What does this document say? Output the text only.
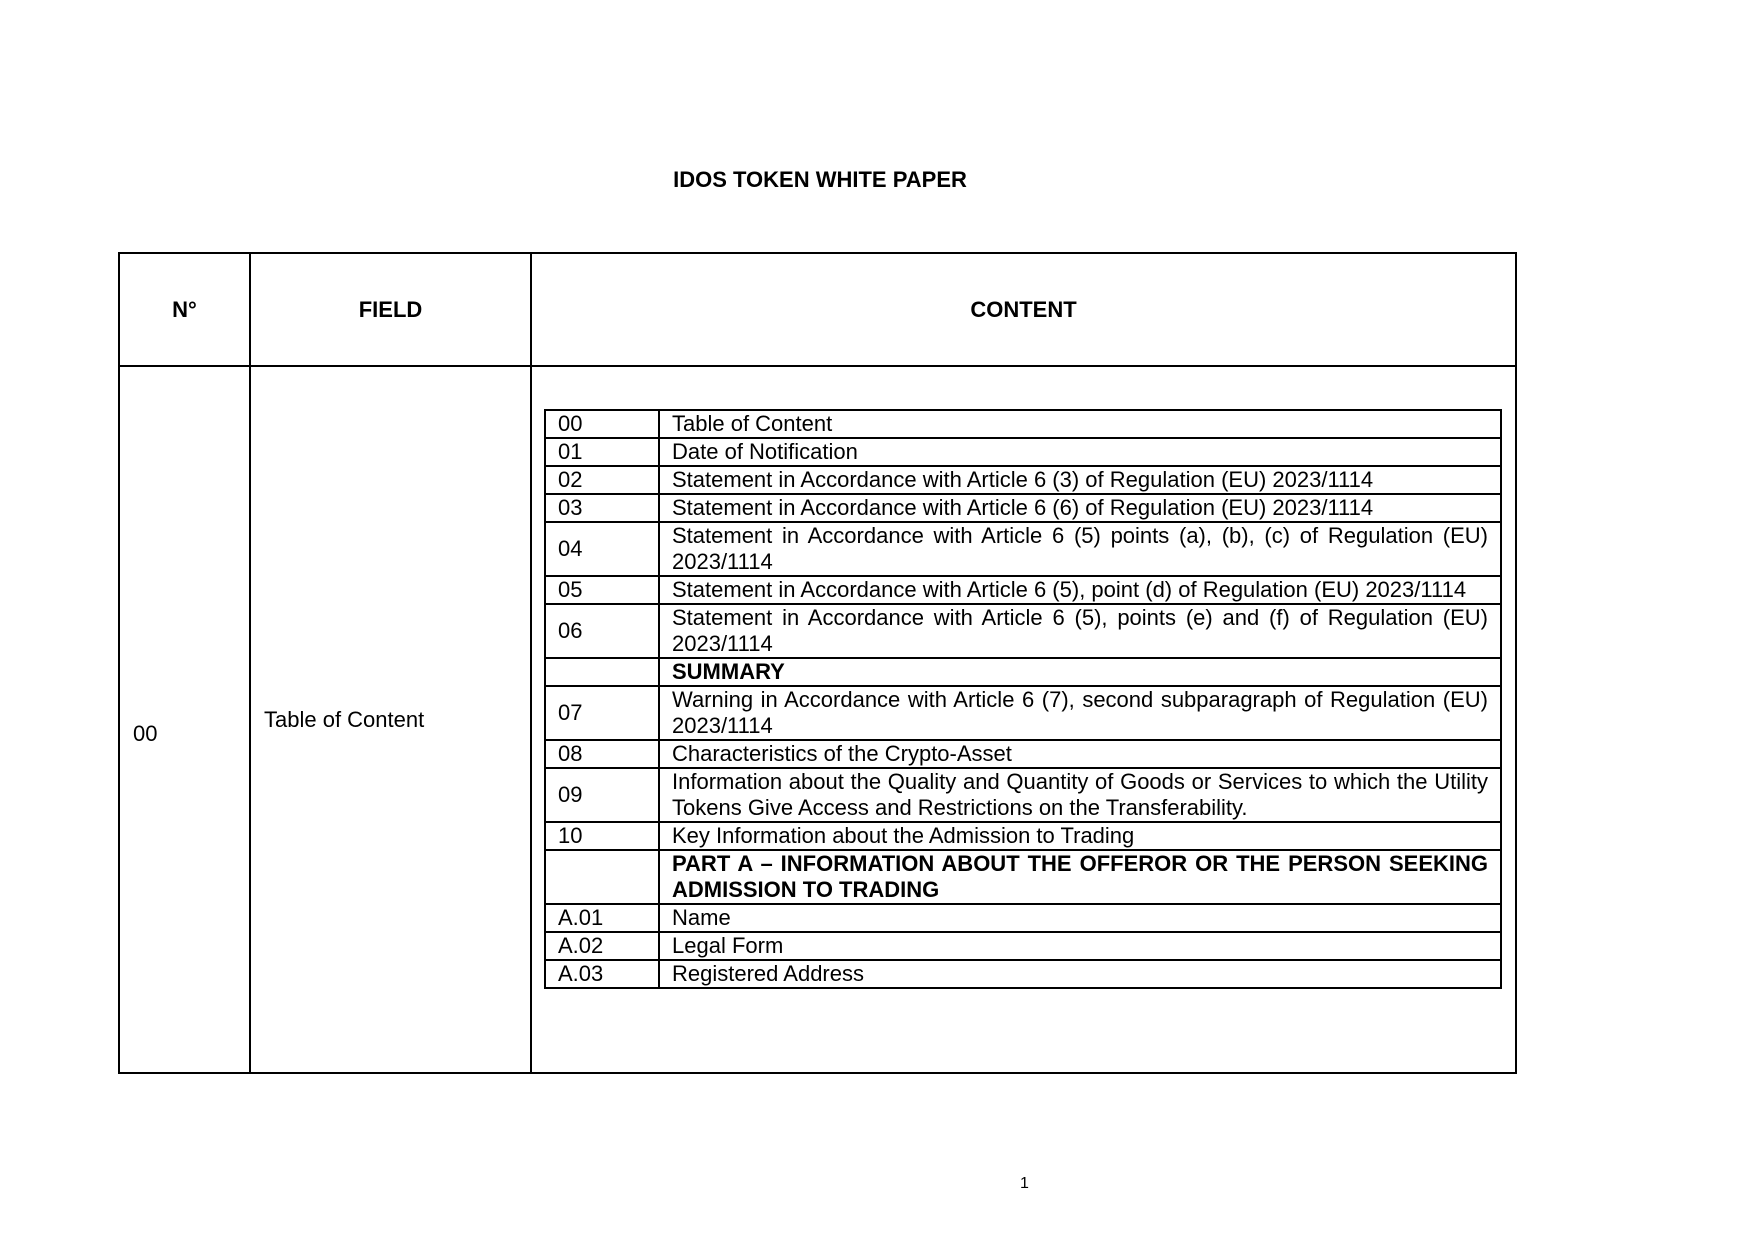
IDOS TOKEN WHITE PAPER
N°	FIELD	CONTENT
00	Table of Content	
00	Table of Content
01	Date of Notification
02	Statement in Accordance with Article 6 (3) of Regulation (EU) 2023/1114
03	Statement in Accordance with Article 6 (6) of Regulation (EU) 2023/1114
04	Statement in Accordance with Article 6 (5) points (a), (b), (c) of Regulation (EU) 2023/1114
05	Statement in Accordance with Article 6 (5), point (d) of Regulation (EU) 2023/1114
06	Statement in Accordance with Article 6 (5), points (e) and (f) of Regulation (EU) 2023/1114
	SUMMARY
07	Warning in Accordance with Article 6 (7), second subparagraph of Regulation (EU) 2023/1114
08	Characteristics of the Crypto-Asset
09	Information about the Quality and Quantity of Goods or Services to which the Utility Tokens Give Access and Restrictions on the Transferability.
10	Key Information about the Admission to Trading
	PART A – INFORMATION ABOUT THE OFFEROR OR THE PERSON SEEKING ADMISSION TO TRADING
A.01	Name
A.02	Legal Form
A.03	Registered Address
1
